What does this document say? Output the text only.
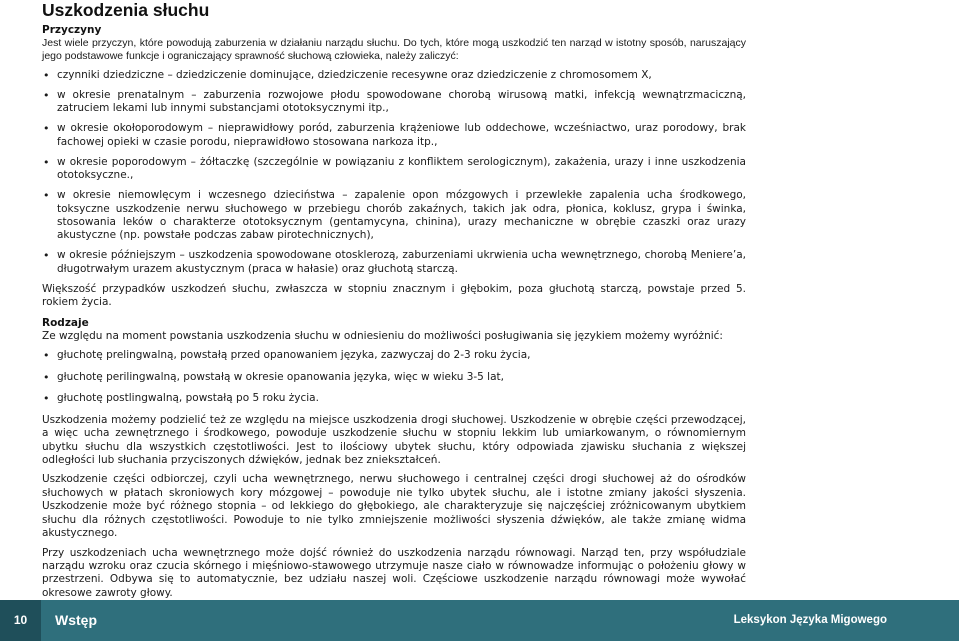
Uszkodzenia słuchu
Przyczyny

Jest wiele przyczyn, które powodują zaburzenia w działaniu narządu słuchu. Do tych, które mogą uszkodzić ten narząd w istotny sposób, naruszający jego podstawowe funkcje i ograniczający sprawność słuchową człowieka, należy zaliczyć:

• czynniki dziedziczne – dziedziczenie dominujące, dziedziczenie recesywne oraz dziedziczenie z chromosomem X,
• w okresie prenatalnym – zaburzenia rozwojowe płodu spowodowane chorobą wirusową matki, infekcją wewnątrzmaciczną, zatruciem lekami lub innymi substancjami ototoksycznymi itp.,
• w okresie okołoporodowym – nieprawidłowy poród, zaburzenia krążeniowe lub oddechowe, wcześniactwo, uraz porodowy, brak fachowej opieki w czasie porodu, nieprawidłowo stosowana narkoza itp.,
• w okresie poporodowym – żółtaczkę (szczególnie w powiązaniu z konfliktem serologicznym), zakażenia, urazy i inne uszkodzenia ototoksyczne.,
• w okresie niemowlęcym i wczesnego dzieciństwa – zapalenie opon mózgowych i przewlekłe zapalenia ucha środkowego, toksyczne uszkodzenie nerwu słuchowego w przebiegu chorób zakaźnych, takich jak odra, płonica, koklusz, grypa i świnka, stosowania leków o charakterze ototoksycznym (gentamycyna, chinina), urazy mechaniczne w obrębie czaszki oraz urazy akustyczne (np. powstałe podczas zabaw pirotechnicznych),
• w okresie późniejszym – uszkodzenia spowodowane otosklerozą, zaburzeniami ukrwienia ucha wewnętrznego, chorobą Meniere’a, długotrwałym urazem akustycznym (praca w hałasie) oraz głuchotą starczą.

Większość przypadków uszkodzeń słuchu, zwłaszcza w stopniu znacznym i głębokim, poza głuchotą starczą, powstaje przed 5. rokiem życia.

Rodzaje

Ze względu na moment powstania uszkodzenia słuchu w odniesieniu do możliwości posługiwania się językiem możemy wyróżnić:

• głuchotę prelingwalną, powstałą przed opanowaniem języka, zazwyczaj do 2-3 roku życia,
• głuchotę perilingwalną, powstałą w okresie opanowania języka, więc w wieku 3-5 lat,
• głuchotę postlingwalną, powstałą po 5 roku życia.

Uszkodzenia możemy podzielić też ze względu na miejsce uszkodzenia drogi słuchowej. Uszkodzenie w obrębie części przewodzącej, a więc ucha zewnętrznego i środkowego, powoduje uszkodzenie słuchu w stopniu lekkim lub umiarkowanym, o równomiernym ubytku słuchu dla wszystkich częstotliwości. Jest to ilościowy ubytek słuchu, który odpowiada zjawisku słuchania z większej odległości lub słuchania przyciszonych dźwięków, jednak bez zniekształceń.

Uszkodzenie części odbiorczej, czyli ucha wewnętrznego, nerwu słuchowego i centralnej części drogi słuchowej aż do ośrodków słuchowych w płatach skroniowych kory mózgowej – powoduje nie tylko ubytek słuchu, ale i istotne zmiany jakości słyszenia. Uszkodzenie może być różnego stopnia – od lekkiego do głębokiego, ale charakteryzuje się najczęściej zróżnicowanym ubytkiem słuchu dla różnych częstotliwości. Powoduje to nie tylko zmniejszenie możliwości słyszenia dźwięków, ale także zmianę widma akustycznego.

Przy uszkodzeniach ucha wewnętrznego może dojść również do uszkodzenia narządu równowagi. Narząd ten, przy współudziale narządu wzroku oraz czucia skórnego i mięśniowo-stawowego utrzymuje nasze ciało w równowadze informując o położeniu głowy w przestrzeni. Odbywa się to automatycznie, bez udziału naszej woli. Częściowe uszkodzenie narządu równowagi może wywołać okresowe zawroty głowy.

10	Wstęp	Leksykon Języka Migowego
